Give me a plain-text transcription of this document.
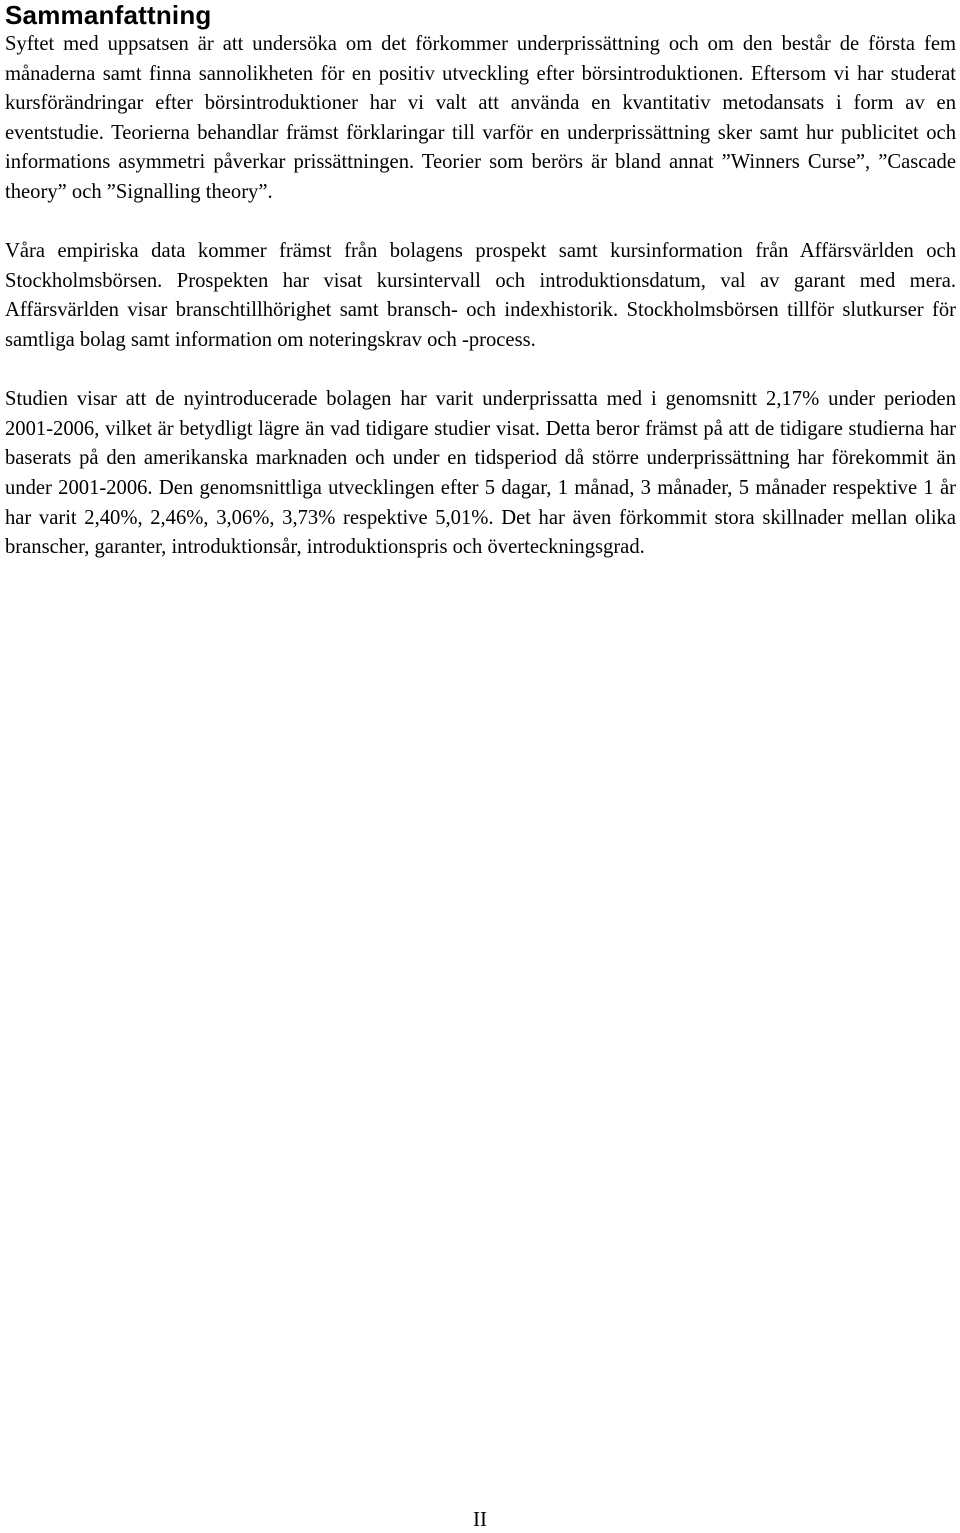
Sammanfattning

Syftet med uppsatsen är att undersöka om det förkommer underprissättning och om den består de första fem månaderna samt finna sannolikheten för en positiv utveckling efter börsintroduktionen. Eftersom vi har studerat kursförändringar efter börsintroduktioner har vi valt att använda en kvantitativ metodansats i form av en eventstudie. Teorierna behandlar främst förklaringar till varför en underprissättning sker samt hur publicitet och informations asymmetri påverkar prissättningen. Teorier som berörs är bland annat ”Winners Curse”, ”Cascade theory” och ”Signalling theory”.

Våra empiriska data kommer främst från bolagens prospekt samt kursinformation från Affärsvärlden och Stockholmsbörsen. Prospekten har visat kursintervall och introduktionsdatum, val av garant med mera. Affärsvärlden visar branschtillhörighet samt bransch- och indexhistorik. Stockholmsbörsen tillför slutkurser för samtliga bolag samt information om noteringskrav och -process.

Studien visar att de nyintroducerade bolagen har varit underprissatta med i genomsnitt 2,17% under perioden 2001-2006, vilket är betydligt lägre än vad tidigare studier visat. Detta beror främst på att de tidigare studierna har baserats på den amerikanska marknaden och under en tidsperiod då större underprissättning har förekommit än under 2001-2006. Den genomsnittliga utvecklingen efter 5 dagar, 1 månad, 3 månader, 5 månader respektive 1 år har varit 2,40%, 2,46%, 3,06%, 3,73% respektive 5,01%. Det har även förkommit stora skillnader mellan olika branscher, garanter, introduktionsår, introduktionspris och överteckningsgrad.

II
